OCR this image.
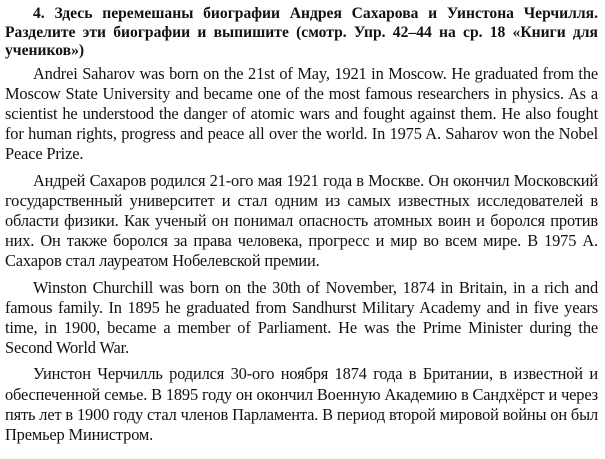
4. Здесь перемешаны биографии Андрея Сахарова и Уинстона Черчилля. Разделите эти биографии и выпишите (смотр. Упр. 42–44 на ср. 18 «Книги для учеников»)

Andrei Saharov was born on the 21st of May, 1921 in Moscow. He graduated from the Moscow State University and became one of the most famous researchers in physics. As a scientist he understood the danger of atomic wars and fought against them. He also fought for human rights, progress and peace all over the world. In 1975 A. Saharov won the Nobel Peace Prize.

Андрей Сахаров родился 21-ого мая 1921 года в Москве. Он окончил Московский государственный университет и стал одним из самых известных исследователей в области физики. Как ученый он понимал опасность атомных воин и боролся против них. Он также боролся за права человека, прогресс и мир во всем мире. В 1975 А. Сахаров стал лауреатом Нобелевской премии.

Winston Churchill was born on the 30th of November, 1874 in Britain, in a rich and famous family. In 1895 he graduated from Sandhurst Military Academy and in five years time, in 1900, became a member of Parliament. He was the Prime Minister during the Second World War.

Уинстон Черчилль родился 30-ого ноября 1874 года в Британии, в известной и обеспеченной семье. В 1895 году он окончил Военную Академию в Сандхёрст и через пять лет в 1900 году стал членов Парламента. В период второй мировой войны он был Премьер Министром.
